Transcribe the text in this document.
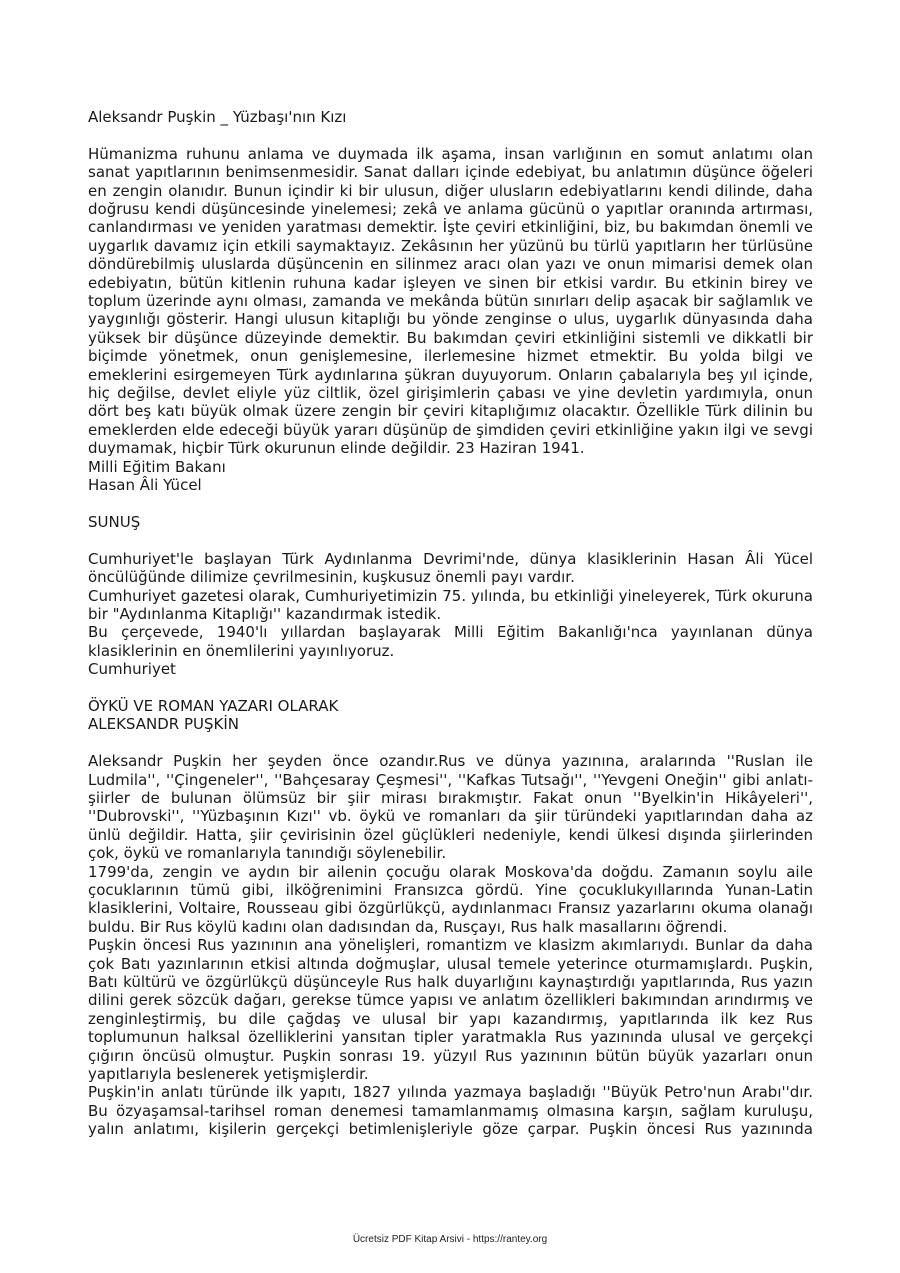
Aleksandr Puşkin _ Yüzbaşı'nın Kızı

Hümanizma ruhunu anlama ve duymada ilk aşama, insan varlığının en somut anlatımı olan sanat yapıtlarının benimsenmesidir. Sanat dalları içinde edebiyat, bu anlatımın düşünce öğeleri en zengin olanıdır. Bunun içindir ki bir ulusun, diğer ulusların edebiyatlarını kendi dilinde, daha doğrusu kendi düşüncesinde yinelemesi; zekâ ve anlama gücünü o yapıtlar oranında artırması, canlandırması ve yeniden yaratması demektir. İşte çeviri etkinliğini, biz, bu bakımdan önemli ve uygarlık davamız için etkili saymaktayız. Zekâsının her yüzünü bu türlü yapıtların her türlüsüne döndürebilmiş uluslarda düşüncenin en silinmez aracı olan yazı ve onun mimarisi demek olan edebiyatın, bütün kitlenin ruhuna kadar işleyen ve sinen bir etkisi vardır. Bu etkinin birey ve toplum üzerinde aynı olması, zamanda ve mekânda bütün sınırları delip aşacak bir sağlamlık ve yaygınlığı gösterir. Hangi ulusun kitaplığı bu yönde zenginse o ulus, uygarlık dünyasında daha yüksek bir düşünce düzeyinde demektir. Bu bakımdan çeviri etkinliğini sistemli ve dikkatli bir biçimde yönetmek, onun genişlemesine, ilerlemesine hizmet etmektir. Bu yolda bilgi ve emeklerini esirgemeyen Türk aydınlarına şükran duyuyorum. Onların çabalarıyla beş yıl içinde, hiç değilse, devlet eliyle yüz ciltlik, özel girişimlerin çabası ve yine devletin yardımıyla, onun dört beş katı büyük olmak üzere zengin bir çeviri kitaplığımız olacaktır. Özellikle Türk dilinin bu emeklerden elde edeceği büyük yararı düşünüp de şimdiden çeviri etkinliğine yakın ilgi ve sevgi duymamak, hiçbir Türk okurunun elinde değildir. 23 Haziran 1941.

Milli Eğitim Bakanı

Hasan Âli Yücel

SUNUŞ

Cumhuriyet'le başlayan Türk Aydınlanma Devrimi'nde, dünya klasiklerinin Hasan Âli Yücel öncülüğünde dilimize çevrilmesinin, kuşkusuz önemli payı vardır.

Cumhuriyet gazetesi olarak, Cumhuriyetimizin 75. yılında, bu etkinliği yineleyerek, Türk okuruna bir "Aydınlanma Kitaplığı'' kazandırmak istedik.

Bu çerçevede, 1940'lı yıllardan başlayarak Milli Eğitim Bakanlığı'nca yayınlanan dünya klasiklerinin en önemlilerini yayınlıyoruz.

Cumhuriyet

ÖYKÜ VE ROMAN YAZARI OLARAK

ALEKSANDR PUŞKİN

Aleksandr Puşkin her şeyden önce ozandır.Rus ve dünya yazınına, aralarında ''Ruslan ile Ludmila'', ''Çingeneler'', ''Bahçesaray Çeşmesi'', ''Kafkas Tutsağı'', ''Yevgeni Oneğin'' gibi anlatı-şiirler de bulunan ölümsüz bir şiir mirası bırakmıştır. Fakat onun ''Byelkin'in Hikâyeleri'', ''Dubrovski'', ''Yüzbaşının Kızı'' vb. öykü ve romanları da şiir türündeki yapıtlarından daha az ünlü değildir. Hatta, şiir çevirisinin özel güçlükleri nedeniyle, kendi ülkesi dışında şiirlerinden çok, öykü ve romanlarıyla tanındığı söylenebilir.

1799'da, zengin ve aydın bir ailenin çocuğu olarak Moskova'da doğdu. Zamanın soylu aile çocuklarının tümü gibi, ilköğrenimini Fransızca gördü. Yine çocuklukyıllarında Yunan-Latin klasiklerini, Voltaire, Rousseau gibi özgürlükçü, aydınlanmacı Fransız yazarlarını okuma olanağı buldu. Bir Rus köylü kadını olan dadısından da, Rusçayı, Rus halk masallarını öğrendi.

Puşkin öncesi Rus yazınının ana yönelişleri, romantizm ve klasizm akımlarıydı. Bunlar da daha çok Batı yazınlarının etkisi altında doğmuşlar, ulusal temele yeterince oturmamışlardı. Puşkin, Batı kültürü ve özgürlükçü düşünceyle Rus halk duyarlığını kaynaştırdığı yapıtlarında, Rus yazın dilini gerek sözcük dağarı, gerekse tümce yapısı ve anlatım özellikleri bakımından arındırmış ve zenginleştirmiş, bu dile çağdaş ve ulusal bir yapı kazandırmış, yapıtlarında ilk kez Rus toplumunun halksal özelliklerini yansıtan tipler yaratmakla Rus yazınında ulusal ve gerçekçi çığırın öncüsü olmuştur. Puşkin sonrası 19. yüzyıl Rus yazınının bütün büyük yazarları onun yapıtlarıyla beslenerek yetişmişlerdir.

Puşkin'in anlatı türünde ilk yapıtı, 1827 yılında yazmaya başladığı ''Büyük Petro'nun Arabı''dır. Bu özyaşamsal-tarihsel roman denemesi tamamlanmamış olmasına karşın, sağlam kuruluşu, yalın anlatımı, kişilerin gerçekçi betimlenişleriyle göze çarpar. Puşkin öncesi Rus yazınında

Ücretsiz PDF Kitap Arsivi - https://rantey.org
